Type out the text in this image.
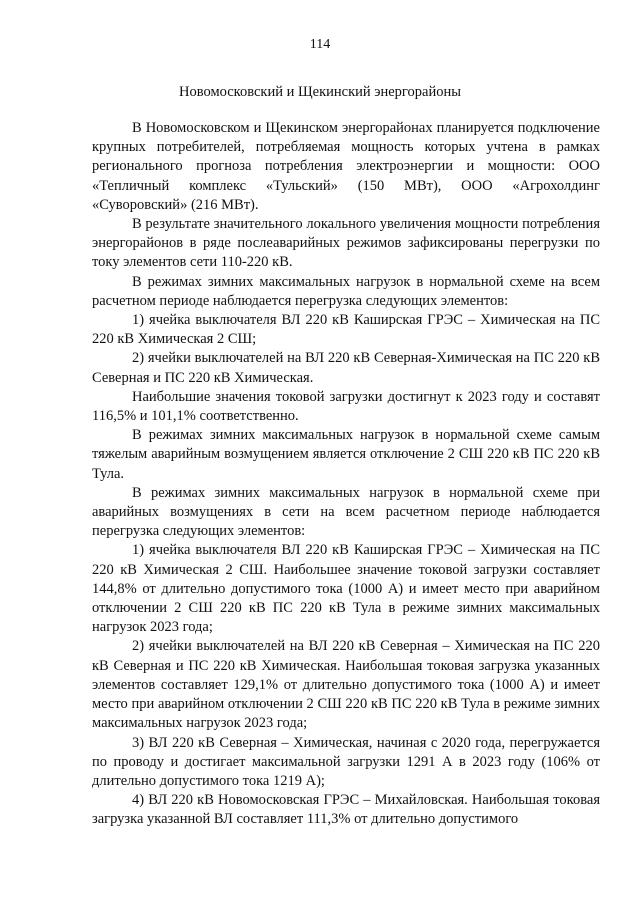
114
Новомосковский и Щекинский энергорайоны

В Новомосковском и Щекинском энергорайонах планируется подключение крупных потребителей, потребляемая мощность которых учтена в рамках регионального прогноза потребления электроэнергии и мощности: ООО «Тепличный комплекс «Тульский» (150 МВт), ООО «Агрохолдинг «Суворовский» (216 МВт).

В результате значительного локального увеличения мощности потребления энергорайонов в ряде послеаварийных режимов зафиксированы перегрузки по току элементов сети 110-220 кВ.

В режимах зимних максимальных нагрузок в нормальной схеме на всем расчетном периоде наблюдается перегрузка следующих элементов:

1) ячейка выключателя ВЛ 220 кВ Каширская ГРЭС – Химическая на ПС 220 кВ Химическая 2 СШ;

2) ячейки выключателей на ВЛ 220 кВ Северная-Химическая на ПС 220 кВ Северная и ПС 220 кВ Химическая.

Наибольшие значения токовой загрузки достигнут к 2023 году и составят 116,5% и 101,1% соответственно.

В режимах зимних максимальных нагрузок в нормальной схеме самым тяжелым аварийным возмущением является отключение 2 СШ 220 кВ ПС 220 кВ Тула.

В режимах зимних максимальных нагрузок в нормальной схеме при аварийных возмущениях в сети на всем расчетном периоде наблюдается перегрузка следующих элементов:

1) ячейка выключателя ВЛ 220 кВ Каширская ГРЭС – Химическая на ПС 220 кВ Химическая 2 СШ. Наибольшее значение токовой загрузки составляет 144,8% от длительно допустимого тока (1000 А) и имеет место при аварийном отключении 2 СШ 220 кВ ПС 220 кВ Тула в режиме зимних максимальных нагрузок 2023 года;

2) ячейки выключателей на ВЛ 220 кВ Северная – Химическая на ПС 220 кВ Северная и ПС 220 кВ Химическая. Наибольшая токовая загрузка указанных элементов составляет 129,1% от длительно допустимого тока (1000 А) и имеет место при аварийном отключении 2 СШ 220 кВ ПС 220 кВ Тула в режиме зимних максимальных нагрузок 2023 года;

3) ВЛ 220 кВ Северная – Химическая, начиная с 2020 года, перегружается по проводу и достигает максимальной загрузки 1291 А в 2023 году (106% от длительно допустимого тока 1219 А);

4) ВЛ 220 кВ Новомосковская ГРЭС – Михайловская. Наибольшая токовая загрузка указанной ВЛ составляет 111,3% от длительно допустимого
